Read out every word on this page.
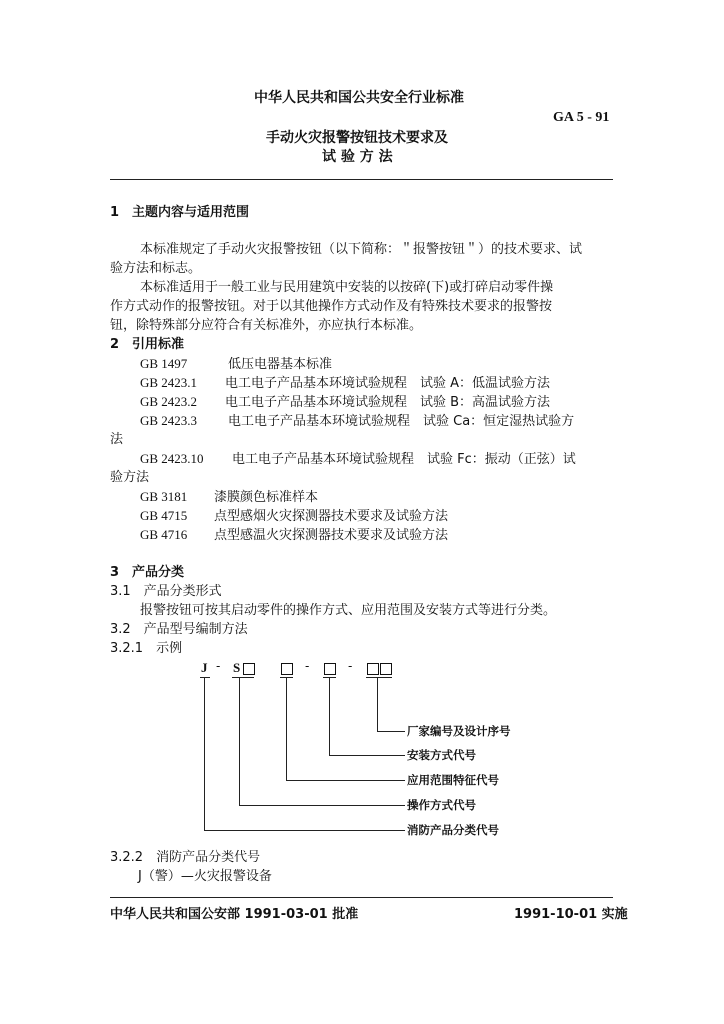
中华人民共和国公共安全行业标准
GA 5 - 91
手动火灾报警按钮技术要求及
试 验 方 法
1　主题内容与适用范围
本标准规定了手动火灾报警按钮（以下简称：＂报警按钮＂）的技术要求、试
验方法和标志。
本标准适用于一般工业与民用建筑中安装的以按碎(下)或打碎启动零件操
作方式动作的报警按钮。对于以其他操作方式动作及有特殊技术要求的报警按
钮，除特殊部分应符合有关标准外，亦应执行本标准。
2　引用标准
GB 1497	低压电器基本标准
GB 2423.1 电工电子产品基本环境试验规程　试验 A：低温试验方法
GB 2423.2 电工电子产品基本环境试验规程　试验 B：高温试验方法
GB 2423.3 电工电子产品基本环境试验规程　试验 Ca：恒定湿热试验方
法
GB 2423.10 电工电子产品基本环境试验规程　试验 Fc：振动（正弦）试
验方法
GB 3181 漆膜颜色标准样本
GB 4715 点型感烟火灾探测器技术要求及试验方法
GB 4716 点型感温火灾探测器技术要求及试验方法
3　产品分类
3.1　产品分类形式
报警按钮可按其启动零件的操作方式、应用范围及安装方式等进行分类。
3.2　产品型号编制方法
3.2.1　示例
J - S	-	-
厂家编号及设计序号
安装方式代号
应用范围特征代号
操作方式代号
消防产品分类代号
3.2.2　消防产品分类代号
J（警）—火灾报警设备
中华人民共和国公安部 1991-03-01 批准	1991-10-01 实施
